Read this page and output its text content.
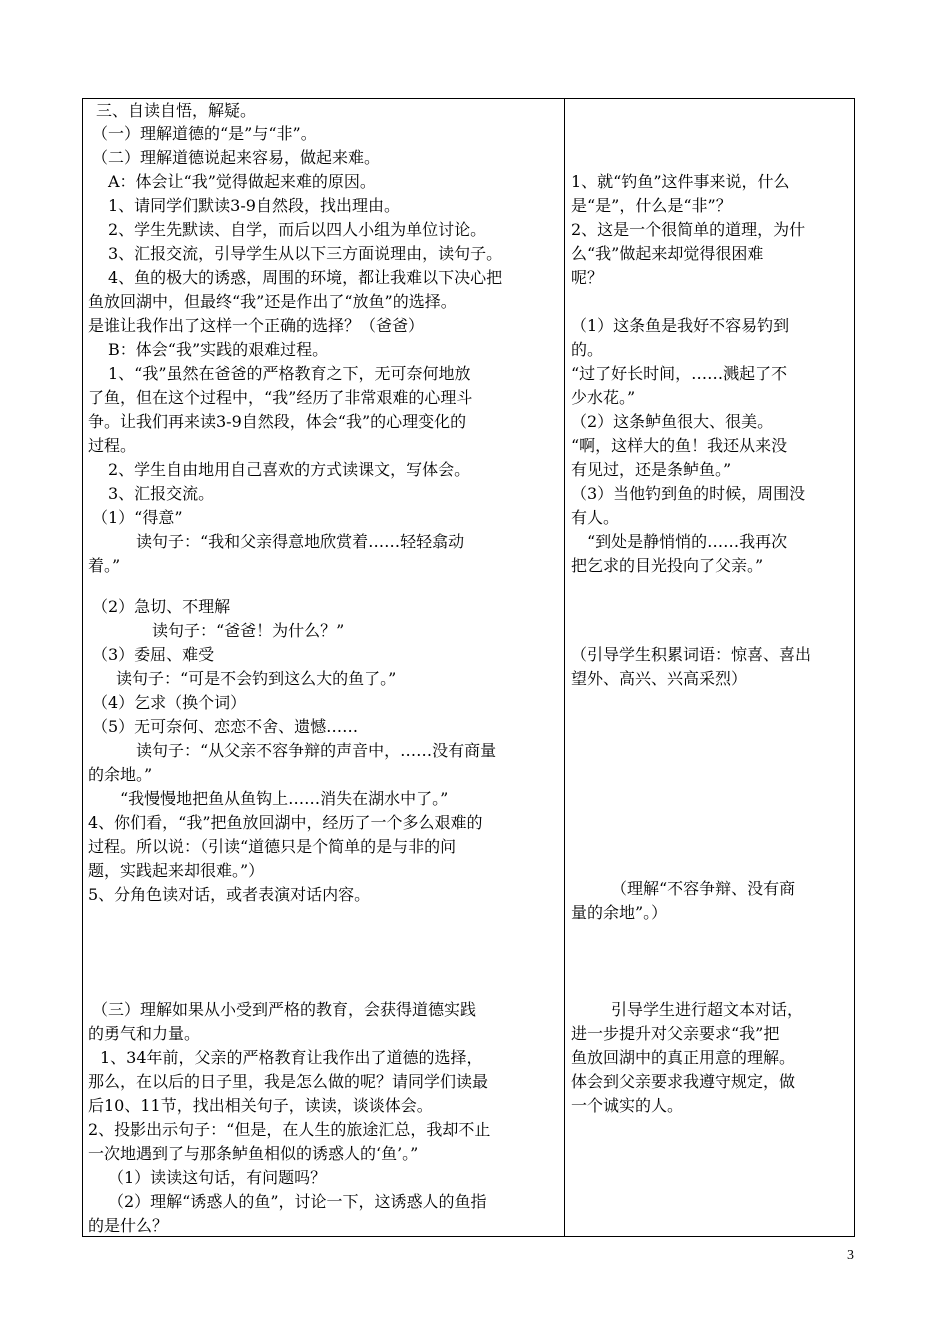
三、自读自悟，解疑。
（一）理解道德的“是”与“非”。
（二）理解道德说起来容易，做起来难。
A：体会让“我”觉得做起来难的原因。
1、请同学们默读3-9自然段，找出理由。
2、学生先默读、自学，而后以四人小组为单位讨论。
3、汇报交流，引导学生从以下三方面说理由，读句子。
4、鱼的极大的诱惑，周围的环境，都让我难以下决心把
鱼放回湖中，但最终“我”还是作出了“放鱼”的选择。
是谁让我作出了这样一个正确的选择？（爸爸）
B：体会“我”实践的艰难过程。
1、“我”虽然在爸爸的严格教育之下，无可奈何地放
了鱼，但在这个过程中，“我”经历了非常艰难的心理斗
争。让我们再来读3-9自然段，体会“我”的心理变化的
过程。
2、学生自由地用自己喜欢的方式读课文，写体会。
3、汇报交流。
（1）“得意”
读句子：“我和父亲得意地欣赏着……轻轻翕动
着。”
（2）急切、不理解
读句子：“爸爸！为什么？”
（3）委屈、难受
读句子：“可是不会钓到这么大的鱼了。”
（4）乞求（换个词）
（5）无可奈何、恋恋不舍、遗憾……
读句子：“从父亲不容争辩的声音中，……没有商量
的余地。”
“我慢慢地把鱼从鱼钩上……消失在湖水中了。”
4、你们看，“我”把鱼放回湖中，经历了一个多么艰难的
过程。所以说：（引读“道德只是个简单的是与非的问
题，实践起来却很难。”）
5、分角色读对话，或者表演对话内容。
（三）理解如果从小受到严格的教育，会获得道德实践
的勇气和力量。
1、34年前，父亲的严格教育让我作出了道德的选择，
那么，在以后的日子里，我是怎么做的呢？请同学们读最
后10、11节，找出相关句子，读读，谈谈体会。
2、投影出示句子：“但是，在人生的旅途汇总，我却不止
一次地遇到了与那条鲈鱼相似的诱惑人的‘鱼’。”
（1）读读这句话，有问题吗？
（2）理解“诱惑人的鱼”，讨论一下，这诱惑人的鱼指
的是什么？
1、就“钓鱼”这件事来说，什么
是“是”，什么是“非”？
2、这是一个很简单的道理，为什
么“我”做起来却觉得很困难
呢？
（1）这条鱼是我好不容易钓到
的。
“过了好长时间，……溅起了不
少水花。”
（2）这条鲈鱼很大、很美。
“啊，这样大的鱼！我还从来没
有见过，还是条鲈鱼。”
（3）当他钓到鱼的时候，周围没
有人。
“到处是静悄悄的……我再次
把乞求的目光投向了父亲。”
（引导学生积累词语：惊喜、喜出
望外、高兴、兴高采烈）
（理解“不容争辩、没有商
量的余地”。）
引导学生进行超文本对话，
进一步提升对父亲要求“我”把
鱼放回湖中的真正用意的理解。
体会到父亲要求我遵守规定，做
一个诚实的人。
3
